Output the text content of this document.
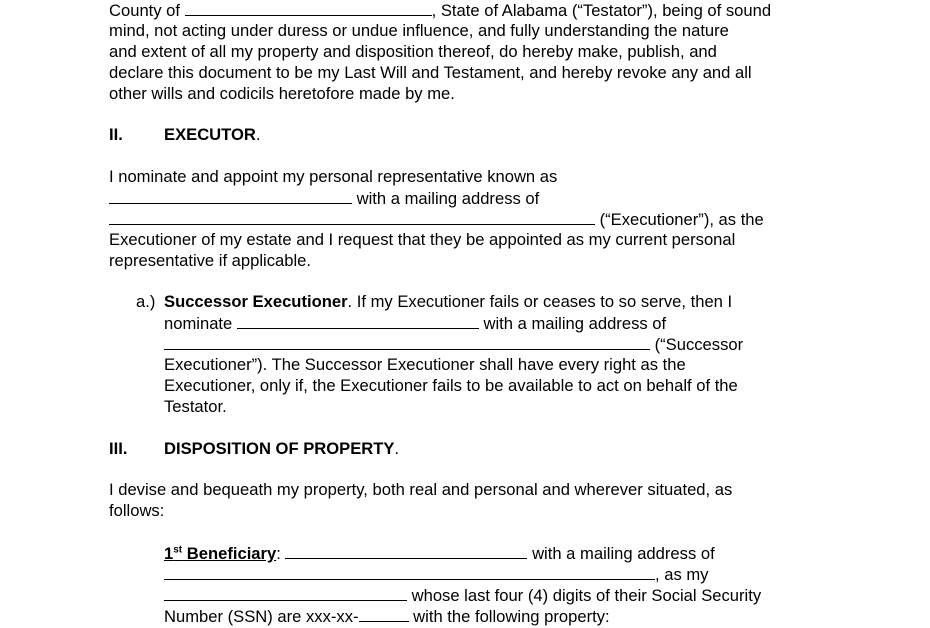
County of	, State of Alabama (“Testator”), being of sound
mind, not acting under duress or undue influence, and fully understanding the nature
and extent of all my property and disposition thereof, do hereby make, publish, and
declare this document to be my Last Will and Testament, and hereby revoke any and all
other wills and codicils heretofore made by me.
II. EXECUTOR.
I nominate and appoint my personal representative known as
with a mailing address of
(“Executioner”), as the
Executioner of my estate and I request that they be appointed as my current personal
representative if applicable.
a.) Successor Executioner. If my Executioner fails or ceases to so serve, then I
nominate	with a mailing address of
(“Successor
Executioner”). The Successor Executioner shall have every right as the
Executioner, only if, the Executioner fails to be available to act on behalf of the
Testator.
III. DISPOSITION OF PROPERTY.
I devise and bequeath my property, both real and personal and wherever situated, as
follows:
1st Beneficiary:	with a mailing address of
, as my
whose last four (4) digits of their Social Security
Number (SSN) are xxx-xx-	with the following property:
